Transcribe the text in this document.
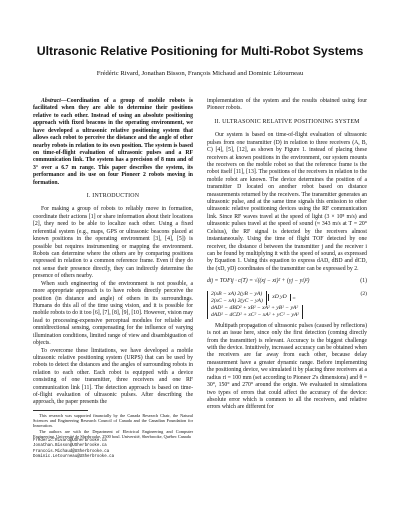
Ultrasonic Relative Positioning for Multi-Robot Systems
Frédéric Rivard, Jonathan Bisson, François Michaud and Dominic Létourneau

Abstract—Coordination of a group of mobile robots is facilitated when they are able to determine their positions relative to each other. Instead of using an absolute positioning approach with fixed beacons in the operating environment, we have developed a ultrasonic relative positioning system that allows each robot to perceive the distance and the angle of other nearby robots in relation to its own position. The system is based on time-of-flight evaluation of ultrasonic pulses and a RF communication link. The system has a precision of 8 mm and of 3° over a 6.7 m range. This paper describes the system, its performance and its use on four Pioneer 2 robots moving in formation.

I. INTRODUCTION

For making a group of robots to reliably move in formation, coordinate their actions [1] or share information about their locations [2], they need to be able to localize each other. Using a fixed referential system (e.g., maps, GPS or ultrasonic beacons placed at known positions in the operating environment [3], [4], [5]) is possible but requires instrumenting or mapping the environment. Robots can determine where the others are by comparing positions expressed in relation to a common reference frame. Even if they do not sense their presence directly, they can indirectly determine the presence of others nearby.

When such engineering of the environment is not possible, a more appropriate approach is to have robots directly perceive the position (in distance and angle) of others in its surroundings. Humans do this all of the time using vision, and it is possible for mobile robots to do it too [6], [7], [8], [9], [10]. However, vision may lead to processing-expensive perceptual modules for reliable and omnidirectional sensing, compensating for the influence of varying illumination conditions, limited range of view and disambiguation of objects.

To overcome these limitations, we have developed a mobile ultrasonic relative positioning system (URPS) that can be used by robots to detect the distances and the angles of surrounding robots in relation to each other. Each robot is equipped with a device consisting of one transmitter, three receivers and one RF communication link [11]. The detection approach is based on time-of-flight evaluation of ultrasonic pulses. After describing the approach, the paper presents the

This research was supported financially by the Canada Research Chair, the Natural Sciences and Engineering Research Council of Canada and the Canadian Foundation for Innovation.

The authors are with the Department of Electrical Engineering and Computer Engineering, Université de Sherbrooke, 2500 boul. Université, Sherbrooke, Québec Canada

Frederic.Rivard@USherbrooke.ca

Jonathan.Bisson@USherbrooke.ca

Francois.Michaud@USherbrooke.ca

Dominic.Letourneau@USherbrooke.ca

implementation of the system and the results obtained using four Pioneer robots.

II. ULTRASONIC RELATIVE POSITIONING SYSTEM

Our system is based on time-of-flight evaluation of ultrasonic pulses from one transmitter (D) in relation to three receivers (A, B, C) [4], [5], [12], as shown by Figure 1. instead of placing these receivers at known positions in the environment, our system mounts the receivers on the mobile robot so that the reference frame is the robot itself [11], [13]. The positions of the receivers in relation to the mobile robot are known. The device determines the position of a transmitter D located on another robot based on distance measurements returned by the receivers. The transmitter generates an ultrasonic pulse, and at the same time signals this emission to other ultrasonic relative positioning devices using the RF communication link. Since RF waves travel at the speed of light (3 × 10⁸ m/s) and ultrasonic pulses travel at the speed of sound (≈ 343 m/s at T = 20° Celsius), the RF signal is detected by the receivers almost instantaneously. Using the time of flight TOF detected by one receiver, the distance d between the transmitter j and the receiver i can be found by multiplying it with the speed of sound, as expressed by Equation 1. Using this equation to express dAD, dBD and dCD, the (xD, yD) coordinates of the transmitter can be expressed by 2.

dij = TOFij · c(T) = √((xj − xi)² + (yj − yi)²)	(1)

(2)
2(xB − xA) 2(yB − yA)
2(xC − xA) 2(yC − yA) xD yD =
dAD² − dBD² + xB² − xA² + yB² − yA²
dAD² − dCD² + xC² − xA² + yC² − yA²

Multipath propagation of ultrasonic pulses (caused by reflections) is not an issue here, since only the first detection (coming directly from the transmitter) is relevant. Accuracy is the biggest challenge with the device. Intuitively, increased accuracy can be obtained when the receivers are far away from each other, because delay measurement have a greater dynamic range. Before implementing the positioning device, we simulated it by placing three receivers at a radius ri = 100 mm (set according to Pioneer 2's dimensions) and θ = 30°, 150° and 270° around the origin. We evaluated in simulations two types of errors that could affect the accuracy of the device: absolute error which is common to all the receivers, and relative errors which are different for
